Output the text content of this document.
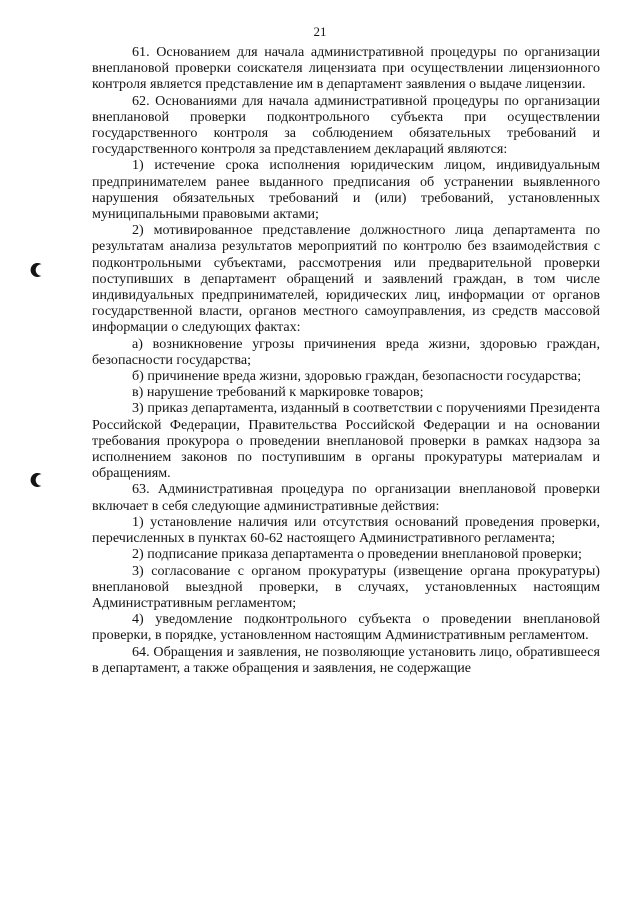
21

61. Основанием для начала административной процедуры по организации внеплановой проверки соискателя лицензиата при осуществлении лицензионного контроля является представление им в департамент заявления о выдаче лицензии.

62. Основаниями для начала административной процедуры по организации внеплановой проверки подконтрольного субъекта при осуществлении государственного контроля за соблюдением обязательных требований и государственного контроля за представлением деклараций являются:

1) истечение срока исполнения юридическим лицом, индивидуальным предпринимателем ранее выданного предписания об устранении выявленного нарушения обязательных требований и (или) требований, установленных муниципальными правовыми актами;

2) мотивированное представление должностного лица департамента по результатам анализа результатов мероприятий по контролю без взаимодействия с подконтрольными субъектами, рассмотрения или предварительной проверки поступивших в департамент обращений и заявлений граждан, в том числе индивидуальных предпринимателей, юридических лиц, информации от органов государственной власти, органов местного самоуправления, из средств массовой информации о следующих фактах:

а) возникновение угрозы причинения вреда жизни, здоровью граждан, безопасности государства;

б) причинение вреда жизни, здоровью граждан, безопасности государства;

в) нарушение требований к маркировке товаров;

3) приказ департамента, изданный в соответствии с поручениями Президента Российской Федерации, Правительства Российской Федерации и на основании требования прокурора о проведении внеплановой проверки в рамках надзора за исполнением законов по поступившим в органы прокуратуры материалам и обращениям.

63. Административная процедура по организации внеплановой проверки включает в себя следующие административные действия:

1) установление наличия или отсутствия оснований проведения проверки, перечисленных в пунктах 60-62 настоящего Административного регламента;

2) подписание приказа департамента о проведении внеплановой проверки;

3) согласование с органом прокуратуры (извещение органа прокуратуры) внеплановой выездной проверки, в случаях, установленных настоящим Административным регламентом;

4) уведомление подконтрольного субъекта о проведении внеплановой проверки, в порядке, установленном настоящим Административным регламентом.

64. Обращения и заявления, не позволяющие установить лицо, обратившееся в департамент, а также обращения и заявления, не содержащие
